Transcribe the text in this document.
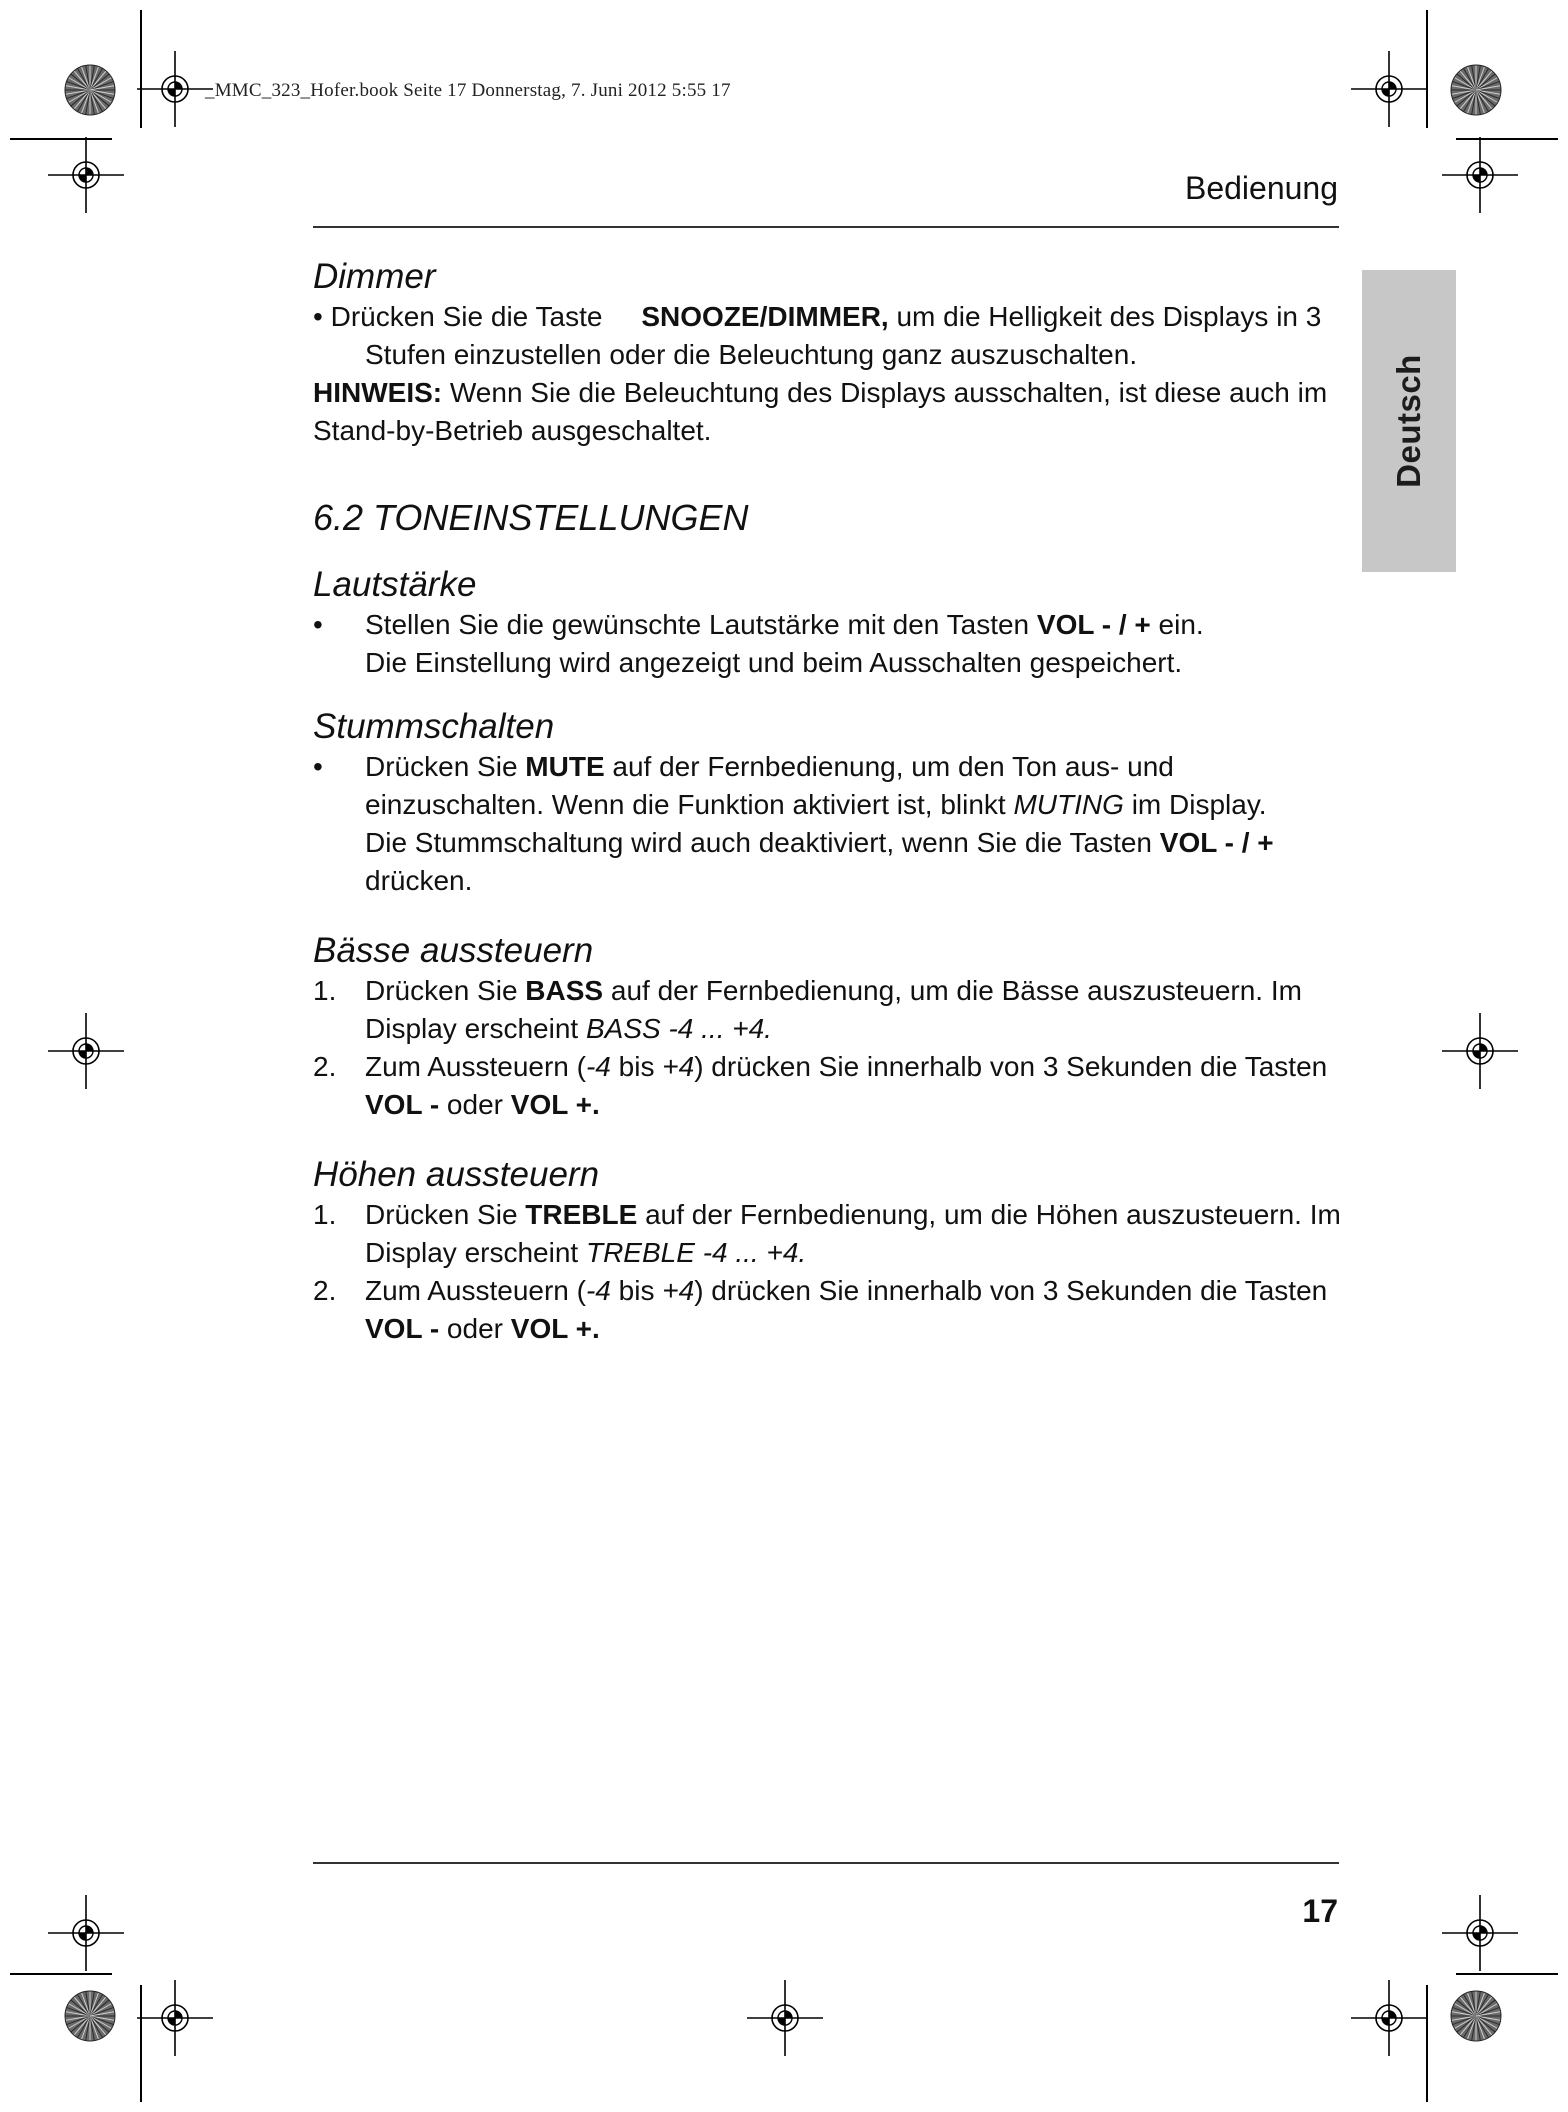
_MMC_323_Hofer.book Seite 17 Donnerstag, 7. Juni 2012 5:55 17
Bedienung
Deutsch
Dimmer

• Drücken Sie die Taste SNOOZE/DIMMER, um die Helligkeit des Displays in 3 Stufen einzustellen oder die Beleuchtung ganz auszuschalten.

HINWEIS: Wenn Sie die Beleuchtung des Displays ausschalten, ist diese auch im Stand-by-Betrieb ausgeschaltet.

6.2 TONEINSTELLUNGEN
Lautstärke
• Stellen Sie die gewünschte Lautstärke mit den Tasten VOL - / + ein.
Die Einstellung wird angezeigt und beim Ausschalten gespeichert.
Stummschalten
• Drücken Sie MUTE auf der Fernbedienung, um den Ton aus- und einzuschalten. Wenn die Funktion aktiviert ist, blinkt MUTING im Display.
Die Stummschaltung wird auch deaktiviert, wenn Sie die Tasten VOL - / + drücken.
Bässe aussteuern
1. Drücken Sie BASS auf der Fernbedienung, um die Bässe auszusteuern. Im Display erscheint BASS -4 ... +4.
2. Zum Aussteuern (-4 bis +4) drücken Sie innerhalb von 3 Sekunden die Tasten VOL - oder VOL +.
Höhen aussteuern
1. Drücken Sie TREBLE auf der Fernbedienung, um die Höhen auszusteuern. Im Display erscheint TREBLE -4 ... +4.
2. Zum Aussteuern (-4 bis +4) drücken Sie innerhalb von 3 Sekunden die Tasten VOL - oder VOL +.
17
